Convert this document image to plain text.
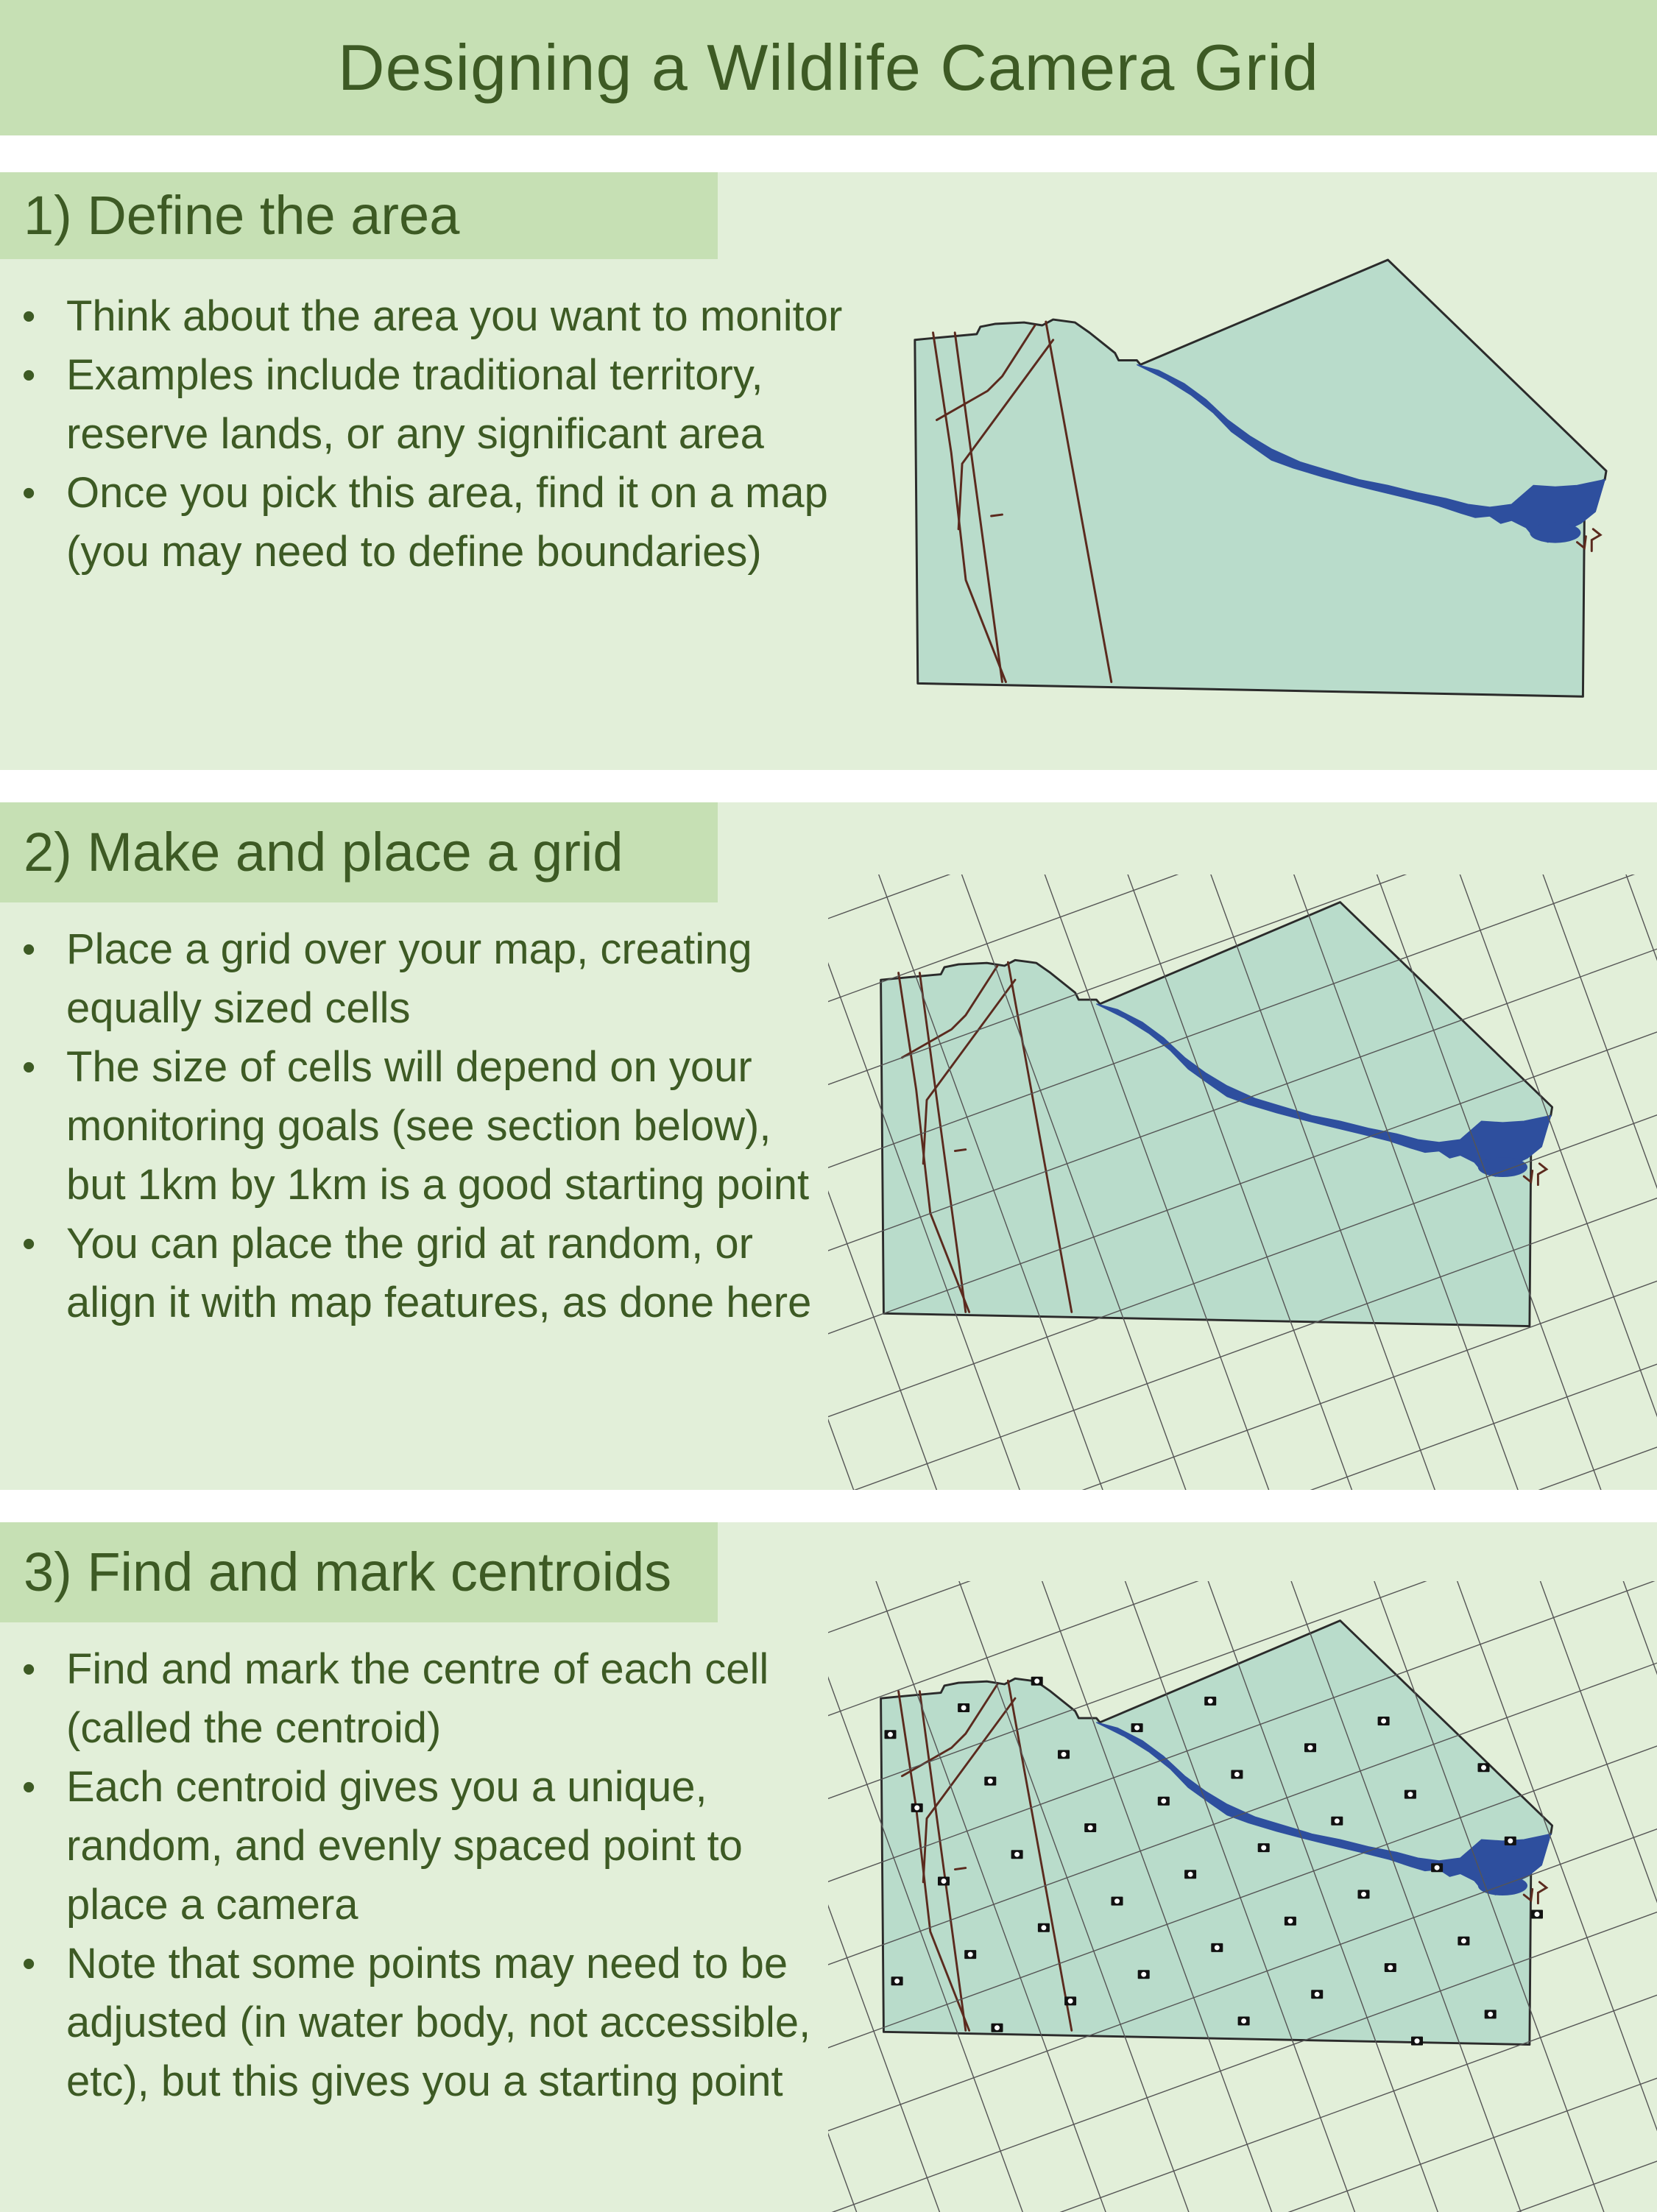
Designing a Wildlife Camera Grid
1) Define the area
• Think about the area you want to monitor
• Examples include traditional territory, reserve lands, or any significant area
• Once you pick this area, find it on a map (you may need to define boundaries)
2) Make and place a grid
• Place a grid over your map, creating equally sized cells
• The size of cells will depend on your monitoring goals (see section below), but 1km by 1km is a good starting point
• You can place the grid at random, or align it with map features, as done here
3) Find and mark centroids
• Find and mark the centre of each cell (called the centroid)
• Each centroid gives you a unique, random, and evenly spaced point to place a camera
• Note that some points may need to be adjusted (in water body, not accessible, etc), but this gives you a starting point
